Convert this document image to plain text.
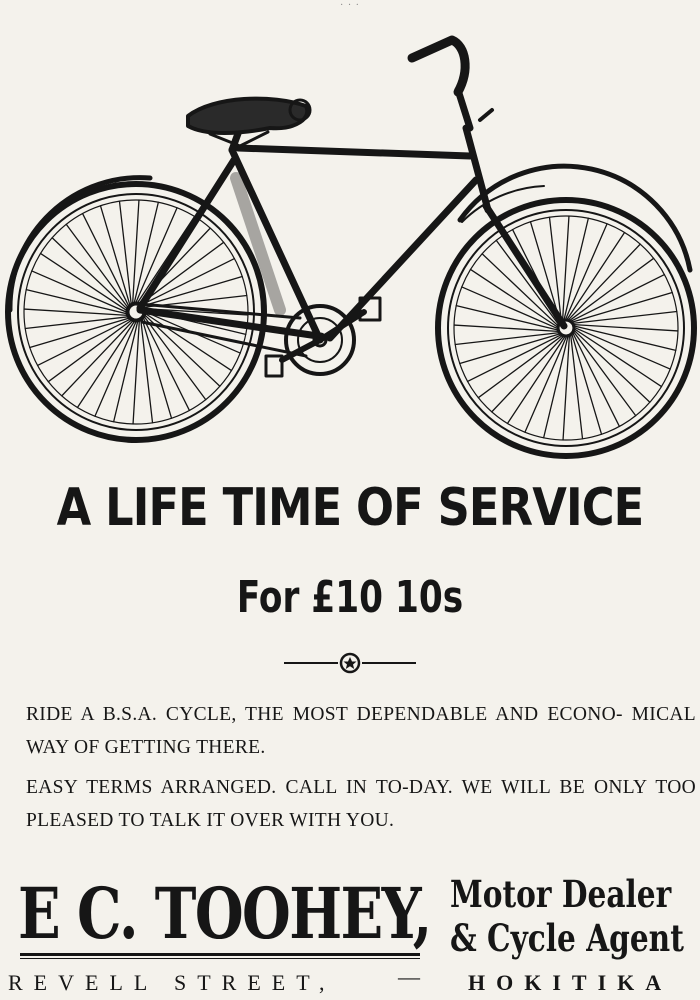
· · ·
A LIFE TIME OF SERVICE
For £10 10s
RIDE A B.S.A. CYCLE, THE MOST DEPENDABLE AND ECONO- MICAL WAY OF GETTING THERE.
EASY TERMS ARRANGED. CALL IN TO-DAY. WE WILL BE ONLY TOO PLEASED TO TALK IT OVER WITH YOU.
E C. TOOHEY, Motor Dealer
& Cycle Agent
REVELL STREET,	— HOKITIKA
